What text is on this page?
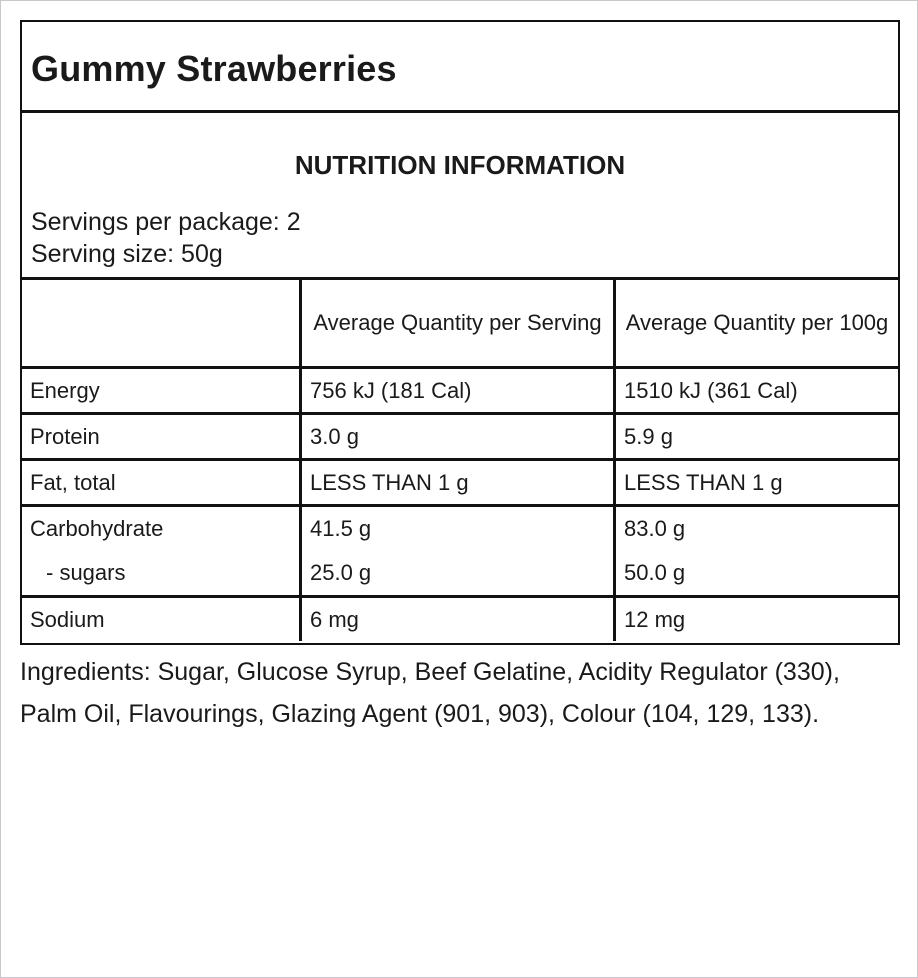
Gummy Strawberries
NUTRITION INFORMATION
Servings per package: 2
Serving size: 50g
	Average Quantity per Serving	Average Quantity per 100g
Energy	756 kJ (181 Cal)	1510 kJ (361 Cal)
Protein	3.0 g	5.9 g
Fat, total	LESS THAN 1 g	LESS THAN 1 g
Carbohydrate	41.5 g	83.0 g
- sugars	25.0 g	50.0 g
Sodium	6 mg	12 mg
Ingredients: Sugar, Glucose Syrup, Beef Gelatine, Acidity Regulator (330), Palm Oil, Flavourings, Glazing Agent (901, 903), Colour (104, 129, 133).
